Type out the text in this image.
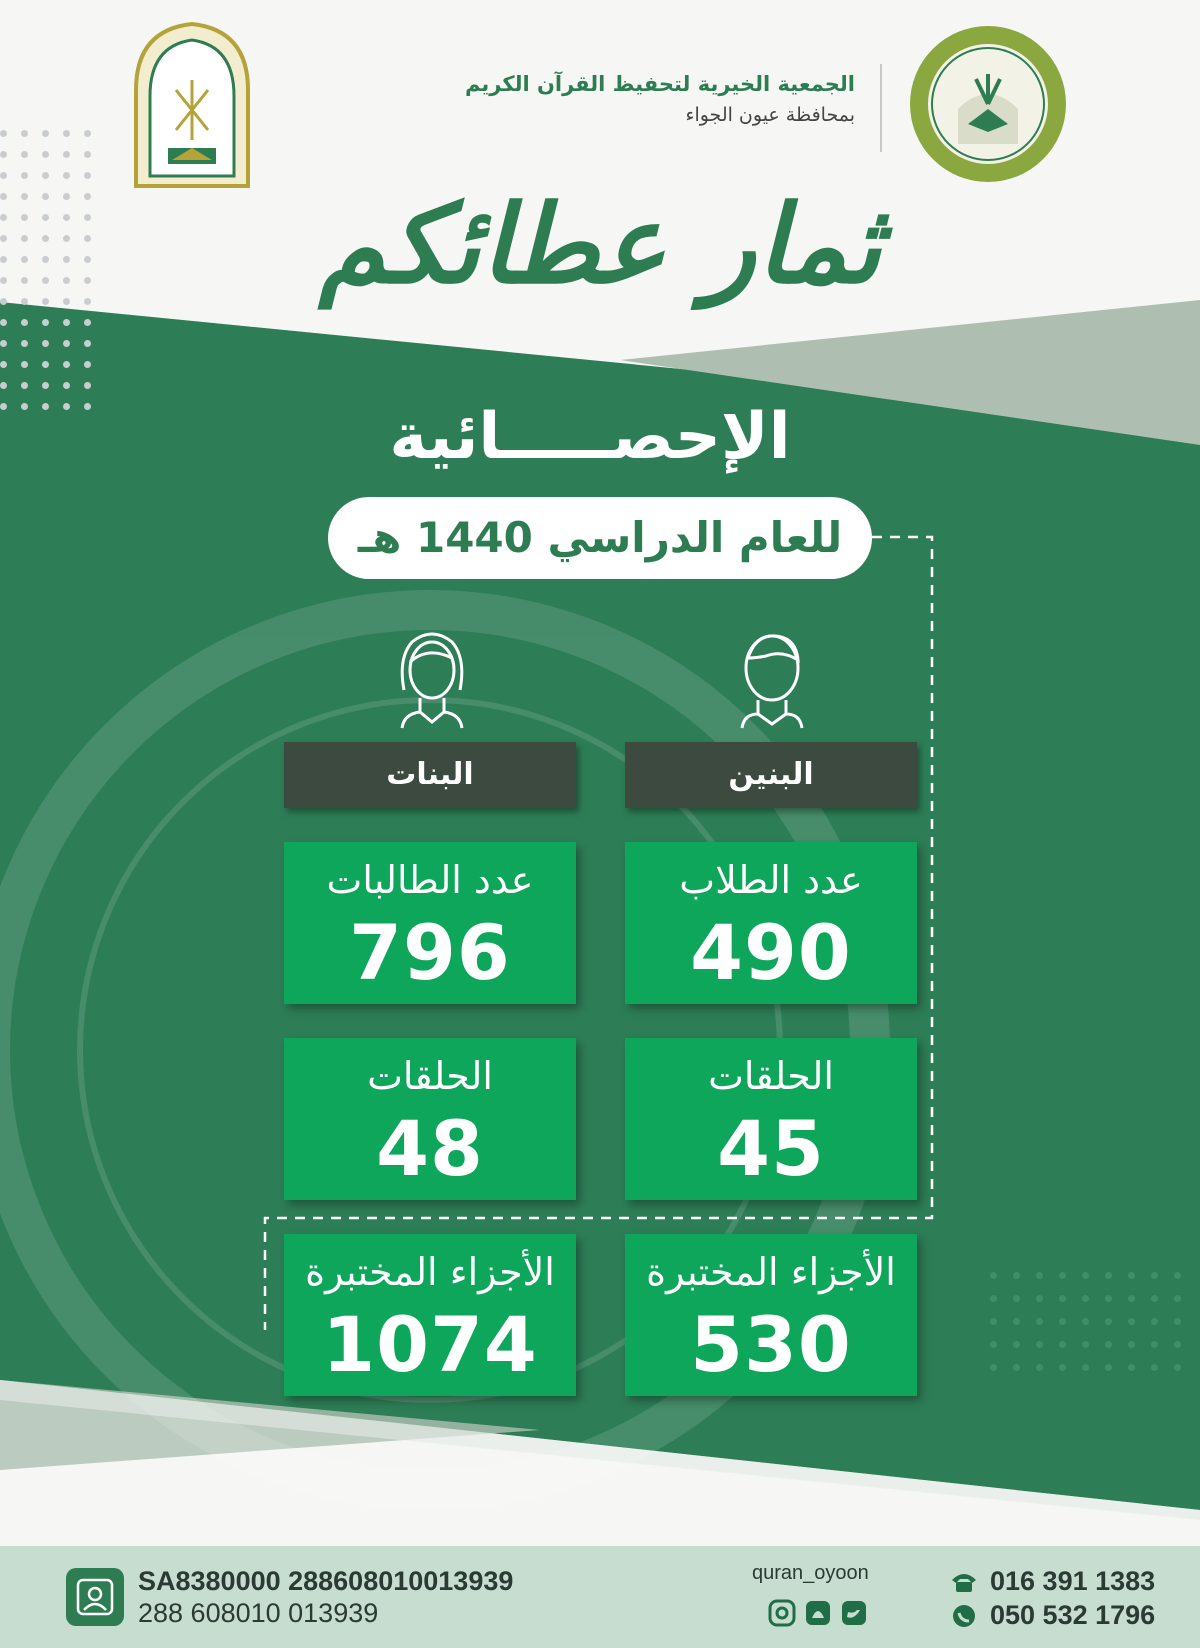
الجمعية الخيرية لتحفيظ القرآن الكريم
بمحافظة عيون الجواء
ثمار عطائكم
الإحصـــــائية
للعام الدراسي 1440 هـ
البنين
البنات
عدد الطلاب
490
الحلقات
45
الأجزاء المختبرة
530
عدد الطالبات
796
الحلقات
48
الأجزاء المختبرة
1074
SA8380000 288608010013939
288 608010 013939
quran_oyoon	016 391 1383
050 532 1796
